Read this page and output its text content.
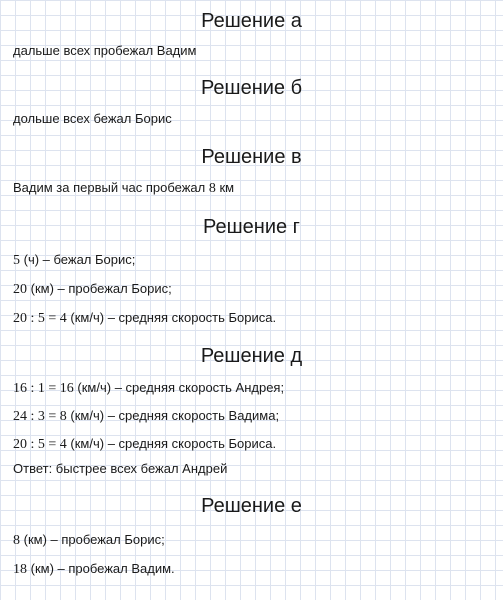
Решение а
дальше всех пробежал Вадим
Решение б
дольше всех бежал Борис
Решение в
Вадим за первый час пробежал 8 км
Решение г
5 (ч) – бежал Борис;
20 (км) – пробежал Борис;
20 : 5 = 4 (км/ч) – средняя скорость Бориса.
Решение д
16 : 1 = 16 (км/ч) – средняя скорость Андрея;
24 : 3 = 8 (км/ч) – средняя скорость Вадима;
20 : 5 = 4 (км/ч) – средняя скорость Бориса.
Ответ: быстрее всех бежал Андрей
Решение е
8 (км) – пробежал Борис;
18 (км) – пробежал Вадим.
